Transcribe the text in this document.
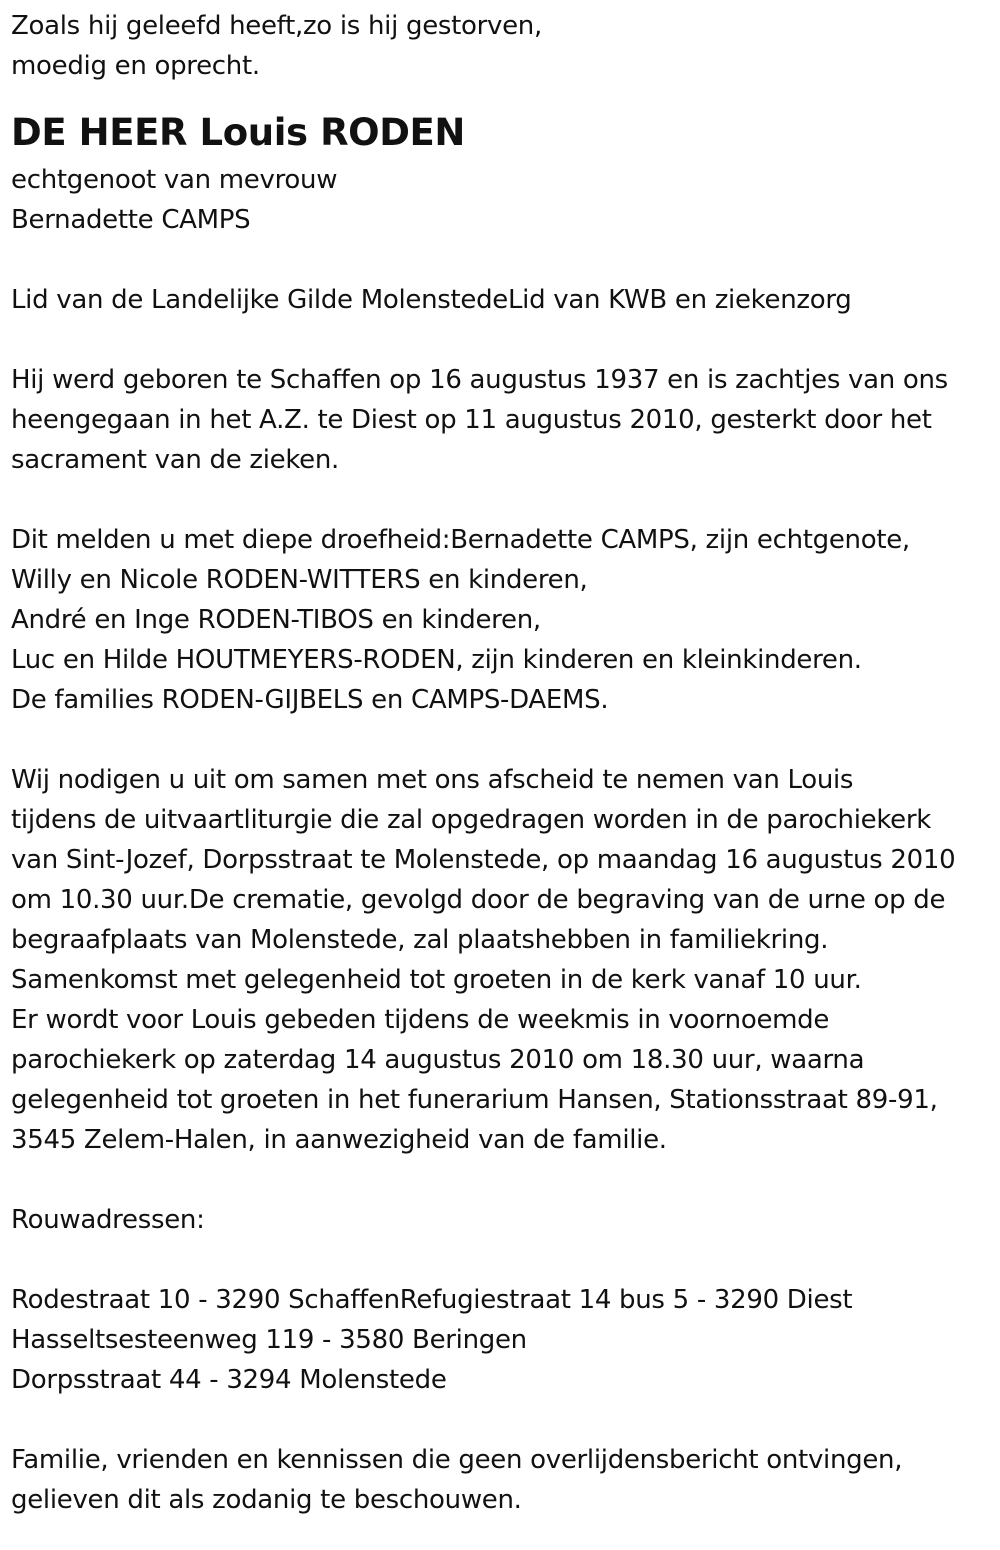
Zoals hij geleefd heeft,zo is hij gestorven,
moedig en oprecht.
DE HEER Louis RODEN
echtgenoot van mevrouw
Bernadette CAMPS
Lid van de Landelijke Gilde MolenstedeLid van KWB en ziekenzorg
Hij werd geboren te Schaffen op 16 augustus 1937 en is zachtjes van ons
heengegaan in het A.Z. te Diest op 11 augustus 2010, gesterkt door het
sacrament van de zieken.
Dit melden u met diepe droefheid:Bernadette CAMPS, zijn echtgenote,
Willy en Nicole RODEN-WITTERS en kinderen,
André en Inge RODEN-TIBOS en kinderen,
Luc en Hilde HOUTMEYERS-RODEN, zijn kinderen en kleinkinderen.
De families RODEN-GIJBELS en CAMPS-DAEMS.
Wij nodigen u uit om samen met ons afscheid te nemen van Louis
tijdens de uitvaartliturgie die zal opgedragen worden in de parochiekerk
van Sint-Jozef, Dorpsstraat te Molenstede, op maandag 16 augustus 2010
om 10.30 uur.De crematie, gevolgd door de begraving van de urne op de
begraafplaats van Molenstede, zal plaatshebben in familiekring.
Samenkomst met gelegenheid tot groeten in de kerk vanaf 10 uur.
Er wordt voor Louis gebeden tijdens de weekmis in voornoemde
parochiekerk op zaterdag 14 augustus 2010 om 18.30 uur, waarna
gelegenheid tot groeten in het funerarium Hansen, Stationsstraat 89-91,
3545 Zelem-Halen, in aanwezigheid van de familie.
Rouwadressen:
Rodestraat 10 - 3290 SchaffenRefugiestraat 14 bus 5 - 3290 Diest
Hasseltsesteenweg 119 - 3580 Beringen
Dorpsstraat 44 - 3294 Molenstede
Familie, vrienden en kennissen die geen overlijdensbericht ontvingen,
gelieven dit als zodanig te beschouwen.
